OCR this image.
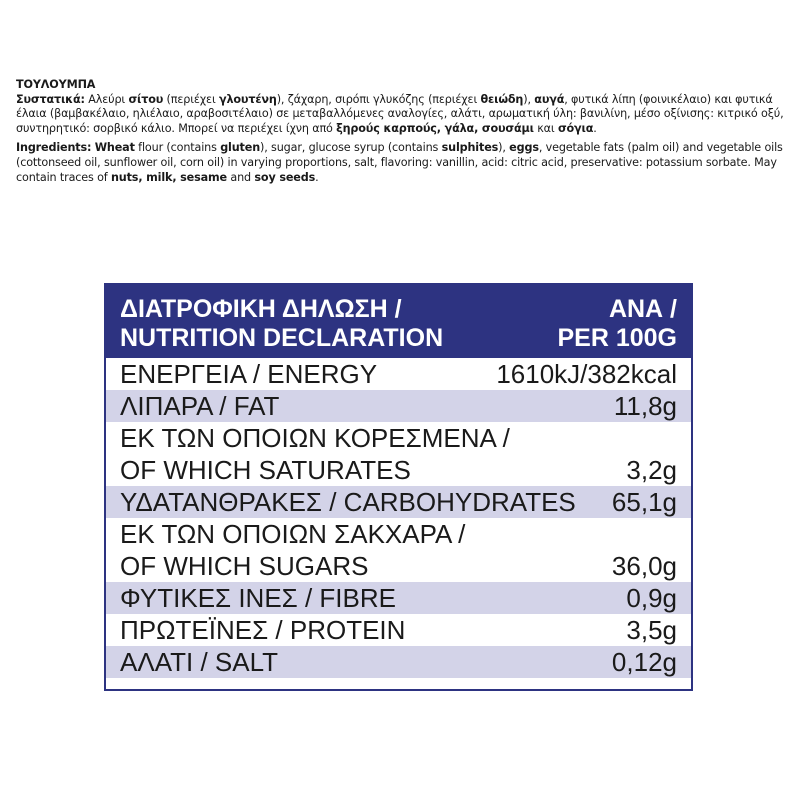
ΤΟΥΛΟΥΜΠΑ

Συστατικά: Αλεύρι σίτου (περιέχει γλουτένη), ζάχαρη, σιρόπι γλυκόζης (περιέχει θειώδη), αυγά, φυτικά λίπη (φοινικέλαιο) και φυτικά έλαια (βαμβακέλαιο, ηλιέλαιο, αραβοσιτέλαιο) σε μεταβαλλόμενες αναλογίες, αλάτι, αρωματική ύλη: βανιλίνη, μέσο οξίνισης: κιτρικό οξύ, συντηρητικό: σορβικό κάλιο. Μπορεί να περιέχει ίχνη από ξηρούς καρπούς, γάλα, σουσάμι και σόγια.

Ingredients: Wheat flour (contains gluten), sugar, glucose syrup (contains sulphites), eggs, vegetable fats (palm oil) and vegetable oils (cottonseed oil, sunflower oil, corn oil) in varying proportions, salt, flavoring: vanillin, acid: citric acid, preservative: potassium sorbate. May contain traces of nuts, milk, sesame and soy seeds.

ΔΙΑΤΡΟΦΙΚΗ ΔΗΛΩΣΗ /
NUTRITION DECLARATION
ΑΝΑ /
PER 100G
ΕΝΕΡΓΕΙΑ / ENERGY	1610kJ/382kcal
ΛΙΠΑΡΑ / FAT	11,8g
ΕΚ ΤΩΝ ΟΠΟΙΩΝ ΚΟΡΕΣΜΕΝΑ /
OF WHICH SATURATES	3,2g
ΥΔΑΤΑΝΘΡΑΚΕΣ / CARBOHYDRATES 65,1g
ΕΚ ΤΩΝ ΟΠΟΙΩΝ ΣΑΚΧΑΡΑ /
OF WHICH SUGARS	36,0g
ΦΥΤΙΚΕΣ ΙΝΕΣ / FIBRE	0,9g
ΠΡΩΤΕΪΝΕΣ / PROTEIN	3,5g
ΑΛΑΤΙ / SALT	0,12g
